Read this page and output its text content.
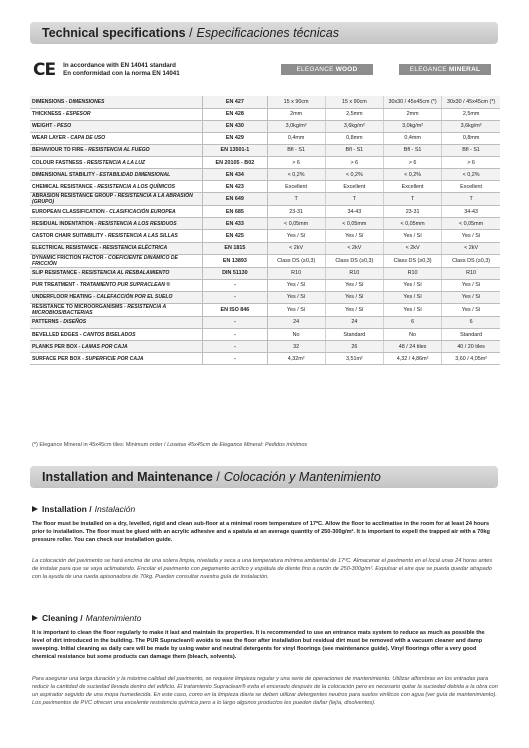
Technical specifications
/ Especificaciones técnicas
CE In accordance with EN 14041 standard
En conformidad con la norma EN 14041
ELEGANCE WOOD	ELEGANCE MINERAL
DIMENSIONS - DIMENSIONES	EN 427	15 x 90cm	15 x 90cm	30x30 / 45x45cm (*)	30x30 / 45x45cm (*)
THICKNESS - ESPESOR	EN 428	2mm	2,5mm	2mm	2,5mm
WEIGHT - PESO	EN 430	3,0kg/m²	3,6kg/m²	3,0kg/m²	3,6kg/m²
WEAR LAYER - CAPA DE USO	EN 429	0,4mm	0,8mm	0,4mm	0,8mm
BEHAVIOUR TO FIRE - RESISTENCIA AL FUEGO	EN 13501-1	Bfl - S1	Bfl - S1	Bfl - S1	Bfl - S1
COLOUR FASTNESS - RESISTENCIA A LA LUZ	EN 20105 - B02	> 6	> 6	> 6	> 6
DIMENSIONAL STABILITY - ESTABILIDAD DIMENSIONAL	EN 434	< 0,2%	< 0,2%	< 0,2%	< 0,2%
CHEMICAL RESISTANCE - RESISTENCIA A LOS QUÍMICOS	EN 423	Excellent	Excellent	Excellent	Excellent
ABRASION RESISTANCE GROUP - RESISTENCIA A LA ABRASIÓN (GRUPO)	EN 649	T	T	T	T
EUROPEAN CLASSIFICATION - CLASIFICACIÓN EUROPEA	EN 685	23-31	34-43	23-31	34-43
RESIDUAL INDENTATION - RESISTENCIA A LOS RESIDUOS	EN 433	< 0,05mm	< 0,05mm	< 0,05mm	< 0,05mm
CASTOR CHAIR SUITABILITY - RESISTENCIA A LAS SILLAS	EN 425	Yes / Sí	Yes / Sí	Yes / Sí	Yes / Sí
ELECTRICAL RESISTANCE - RESISTENCIA ELÉCTRICA	EN 1815	< 2kV	< 2kV	< 2kV	< 2kV
DYNAMIC FRICTION FACTOR - COEFICIENTE DINÁMICO DE FRICCIÓN	EN 13893	Class DS (≥0,3)	Class DS (≥0,3)	Class DS (≥0,3)	Class DS (≥0,3)
SLIP RESISTANCE - RESISTENCIA AL RESBALAMIENTO	DIN 51130	R10	R10	R10	R10
PUR TREATMENT - TRATAMIENTO PUR SUPRACLEAN ®	-	Yes / Sí	Yes / Sí	Yes / Sí	Yes / Sí
UNDERFLOOR HEATING - CALEFACCIÓN POR EL SUELO	-	Yes / Sí	Yes / Sí	Yes / Sí	Yes / Sí
RESISTANCE TO MICROORGANISMS - RESISTENCIA A MICROBIOS/BACTERIAS	EN ISO 846	Yes / Sí	Yes / Sí	Yes / Sí	Yes / Sí
PATTERNS - DISEÑOS	-	24	24	6	6
BEVELLED EDGES - CANTOS BISELADOS	-	No	Standard	No	Standard
PLANKS PER BOX - LAMAS POR CAJA	-	32	26	48 / 24 tiles	40 / 20 tiles
SURFACE PER BOX - SUPERFICIE POR CAJA	-	4,32m²	3,51m²	4,32 / 4,86m²	3,60 / 4,05m²
(*) Elegance Mineral in 45x45cm tiles: Minimum order / Losetas 45x45cm de Elegance Mineral: Pedidos mínimos
Installation and Maintenance
/ Colocación y Mantenimiento
Installation / Instalación
The floor must be installed on a dry, levelled, rigid and clean sub-floor at a minimal room temperature of 17ºC. Allow the floor to acclimatise in the room for at least 24 hours prior to installation. The floor must be glued with an acrylic adhesive and a spatula at an average quantity of 250-300g/m². It is important to expell the trapped air with a 70kg pressure roller. You can check our installation guide.
La colocación del pavimento se hará encima de una solera limpia, nivelada y seca a una temperatura mínima ambiental de 17ºC. Almacenar el pavimento en el local unas 24 horas antes de instalar para que se vaya aclimatando. Encolar el pavimento con pegamento acrílico y espátula de diente fino a razón de 250-300g/m². Expulsar el aire que se pueda quedar atrapado con la ayuda de una rueda apisonadora de 70kg. Pueden consultar nuestra guía de instalación.
Cleaning / Mantenimiento
It is important to clean the floor regularly to make it last and maintain its properties. It is recommended to use an entrance mats system to reduce as much as possible the level of dirt introduced in the building. The PUR Supraclean® avoids to wax the floor after installation but residual dirt must be removed with a vacuum cleaner and damp sweeping. Initial cleaning as daily care will be made by using water and neutral detergents for vinyl floorings (see maintenance guide). Vinyl floorings offer a very good chemical resistance but some products can damage them (bleach, solvents).
Para asegurar una larga duración y la máxima calidad del pavimento, se requiere limpieza regular y una serie de operaciones de mantenimiento. Utilizar alfombras en los entradas para reducir la cantidad de suciedad llevada dentro del edificio. El tratamiento Supraclean® evita el encerado después de la colocación pero es necesario quitar la suciedad debida a la obra con un aspirador seguido de una mopa humedecida. En este caso, como en la limpieza diaria se deben utilizar detergentes neutros para suelos vinílicos con agua (ver guía de mantenimiento). Los pavimentos de PVC ofrecen una excelente resistencia química pero a lo largo algunos productos les pueden dañar (lejía, disolventes).
